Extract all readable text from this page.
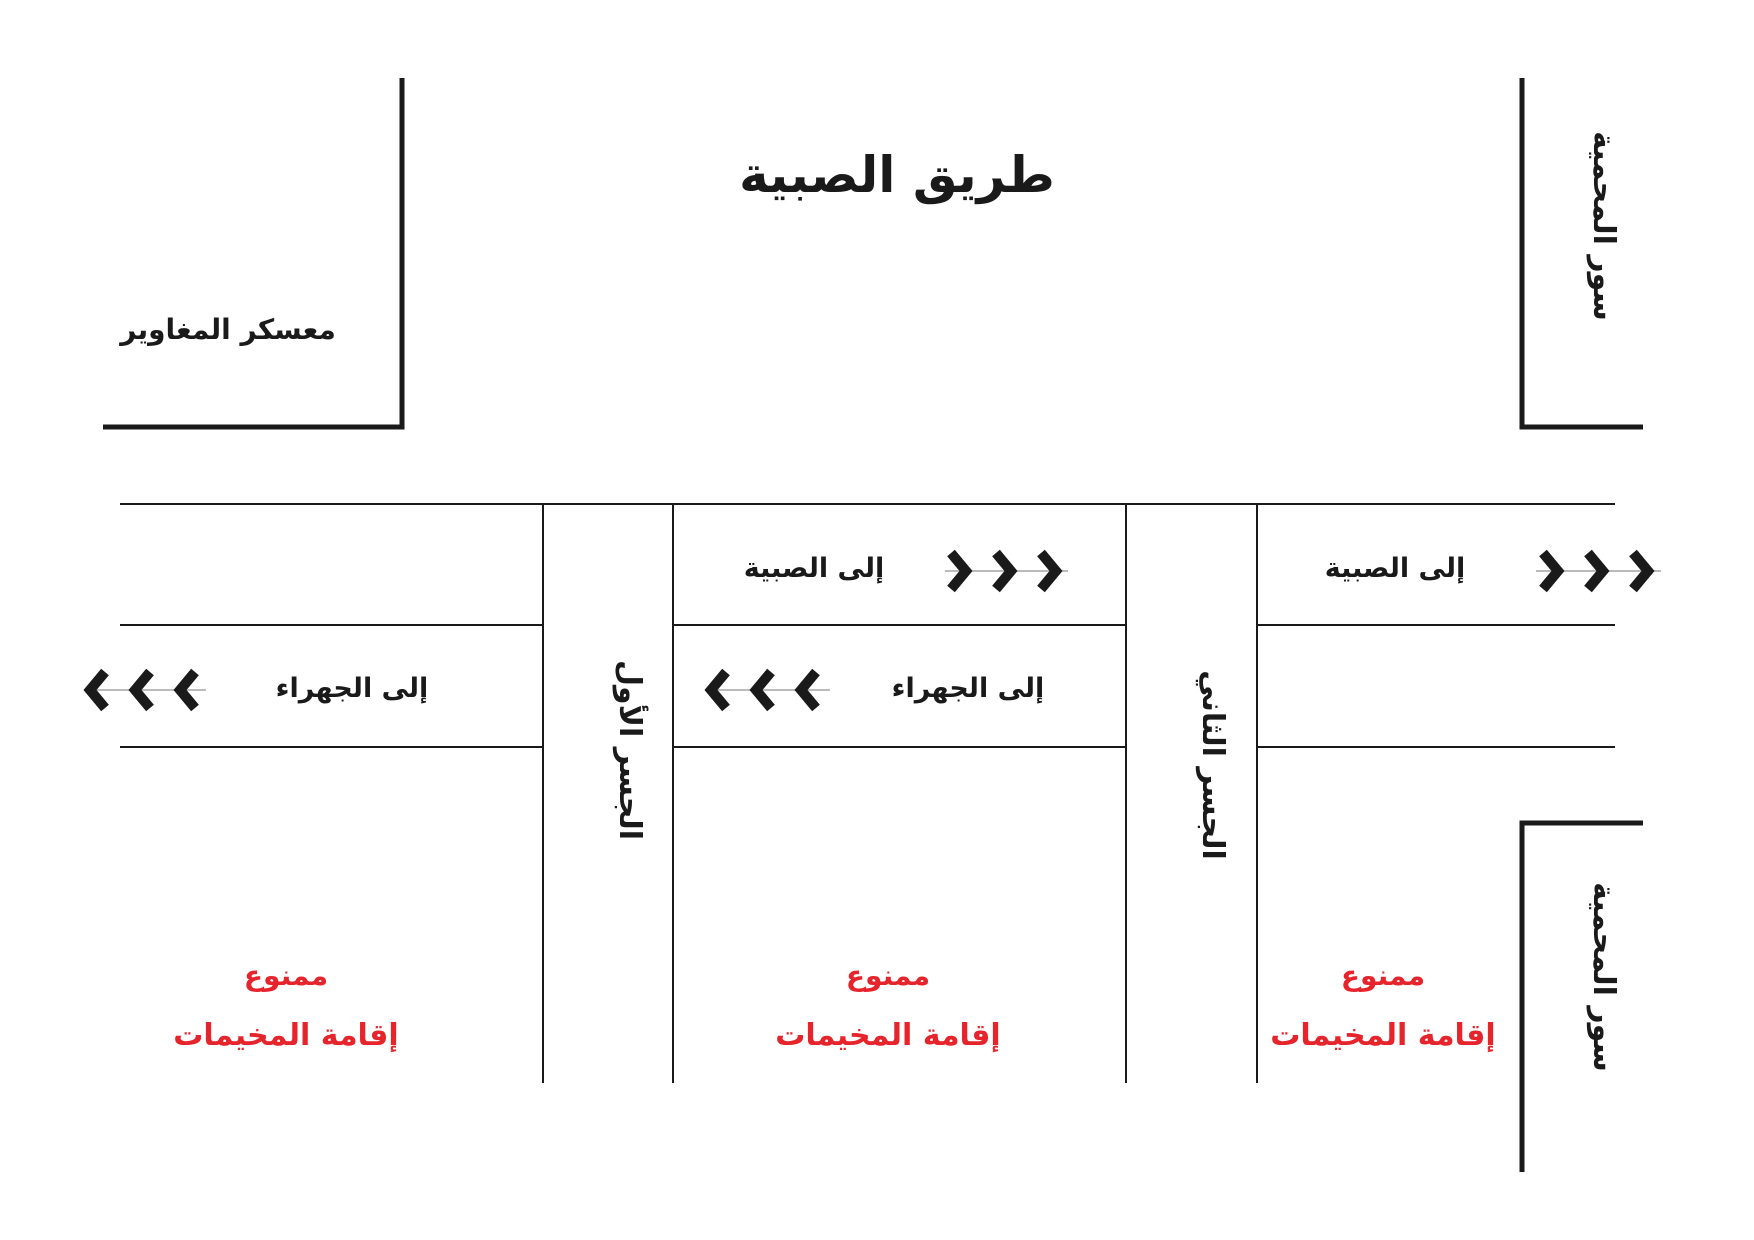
طريق الصبية
معسكر المغاوير
سور المحمية
سور المحمية
الجسر الأول	الجسر الثاني
إلى الصبية	إلى الصبية
إلى الجهراء	إلى الجهراء
ممنوع
إقامة المخيمات
ممنوع
إقامة المخيمات
ممنوع
إقامة المخيمات
